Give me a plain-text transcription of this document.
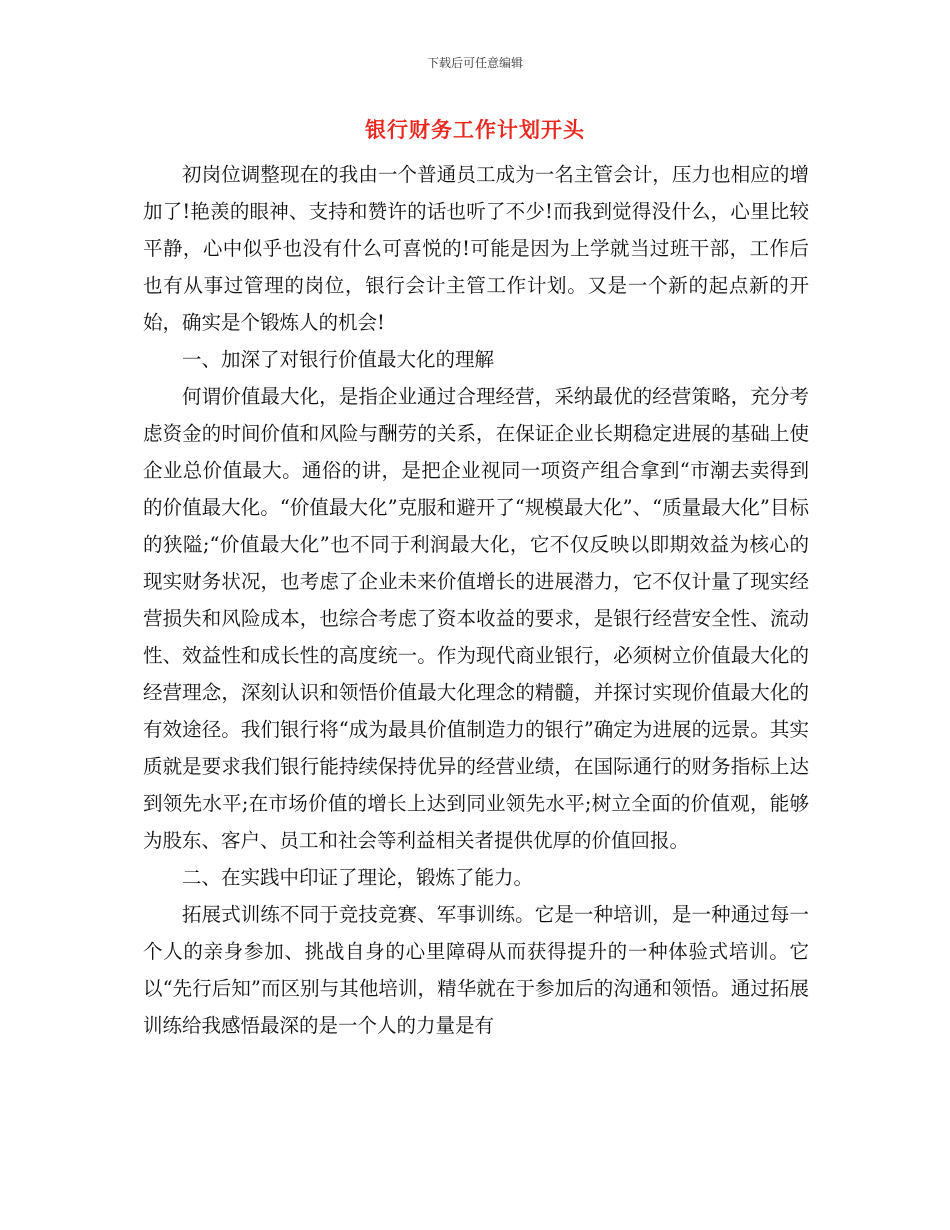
下载后可任意编辑
银行财务工作计划开头

初岗位调整现在的我由一个普通员工成为一名主管会计，压力也相应的增加了!艳羡的眼神、支持和赞许的话也听了不少!而我到觉得没什么，心里比较平静，心中似乎也没有什么可喜悦的!可能是因为上学就当过班干部，工作后也有从事过管理的岗位，银行会计主管工作计划。又是一个新的起点新的开始，确实是个锻炼人的机会!

一、加深了对银行价值最大化的理解

何谓价值最大化，是指企业通过合理经营，采纳最优的经营策略，充分考虑资金的时间价值和风险与酬劳的关系，在保证企业长期稳定进展的基础上使企业总价值最大。通俗的讲，是把企业视同一项资产组合拿到“市潮去卖得到的价值最大化。“价值最大化”克服和避开了“规模最大化”、“质量最大化”目标的狭隘;“价值最大化”也不同于利润最大化，它不仅反映以即期效益为核心的现实财务状况，也考虑了企业未来价值增长的进展潜力，它不仅计量了现实经营损失和风险成本，也综合考虑了资本收益的要求，是银行经营安全性、流动性、效益性和成长性的高度统一。作为现代商业银行，必须树立价值最大化的经营理念，深刻认识和领悟价值最大化理念的精髓，并探讨实现价值最大化的有效途径。我们银行将“成为最具价值制造力的银行”确定为进展的远景。其实质就是要求我们银行能持续保持优异的经营业绩，在国际通行的财务指标上达到领先水平;在市场价值的增长上达到同业领先水平;树立全面的价值观，能够为股东、客户、员工和社会等利益相关者提供优厚的价值回报。

二、在实践中印证了理论，锻炼了能力。

拓展式训练不同于竞技竞赛、军事训练。它是一种培训，是一种通过每一个人的亲身参加、挑战自身的心里障碍从而获得提升的一种体验式培训。它以“先行后知”而区别与其他培训，精华就在于参加后的沟通和领悟。通过拓展训练给我感悟最深的是一个人的力量是有
